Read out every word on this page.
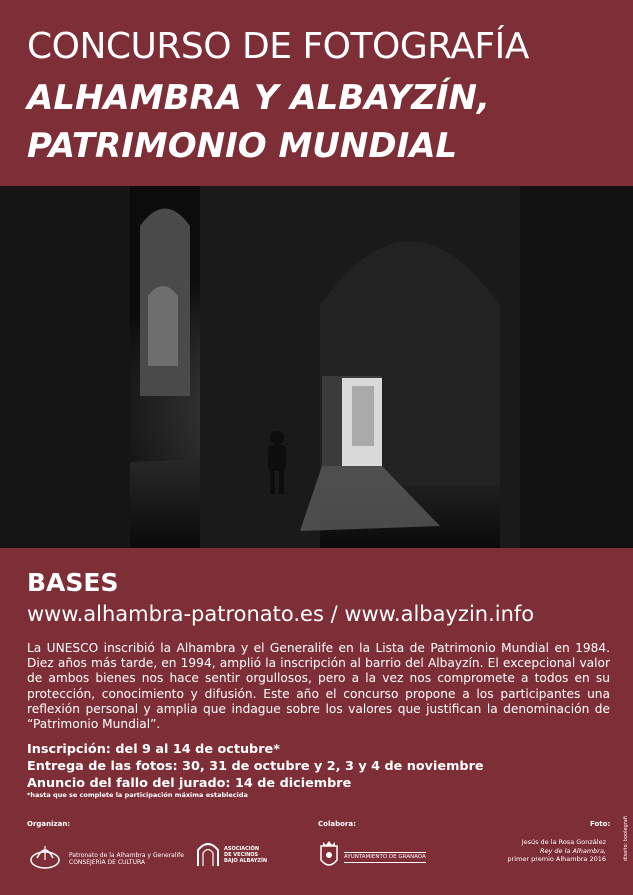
CONCURSO DE FOTOGRAFÍA
ALHAMBRA Y ALBAYZÍN,
PATRIMONIO MUNDIAL
BASES
www.alhambra-patronato.es / www.albayzin.info
La UNESCO inscribió la Alhambra y el Generalife en la Lista de Patrimonio Mundial en 1984. Diez años más tarde, en 1994, amplió la inscripción al barrio del Albayzín. El excepcional valor de ambos bienes nos hace sentir orgullosos, pero a la vez nos compromete a todos en su protección, conocimiento y difusión. Este año el concurso propone a los participantes una reflexión personal y amplia que indague sobre los valores que justifican la denominación de “Patrimonio Mundial”.
Inscripción: del 9 al 14 de octubre*
Entrega de las fotos: 30, 31 de octubre y 2, 3 y 4 de noviembre
Anuncio del fallo del jurado: 14 de diciembre
*hasta que se complete la participación máxima establecida
Organizan:	Colabora:	Foto:
Patronato de la Alhambra y Generalife
CONSEJERÍA DE CULTURA
ASOCIACIÓN
DE VECINOS
BAJO ALBAYZÍN
AYUNTAMIENTO DE GRANADA
Jesús de la Rosa González
Rey de la Alhambra,
primer premio Alhambra 2016	diseño: boolegrafi
